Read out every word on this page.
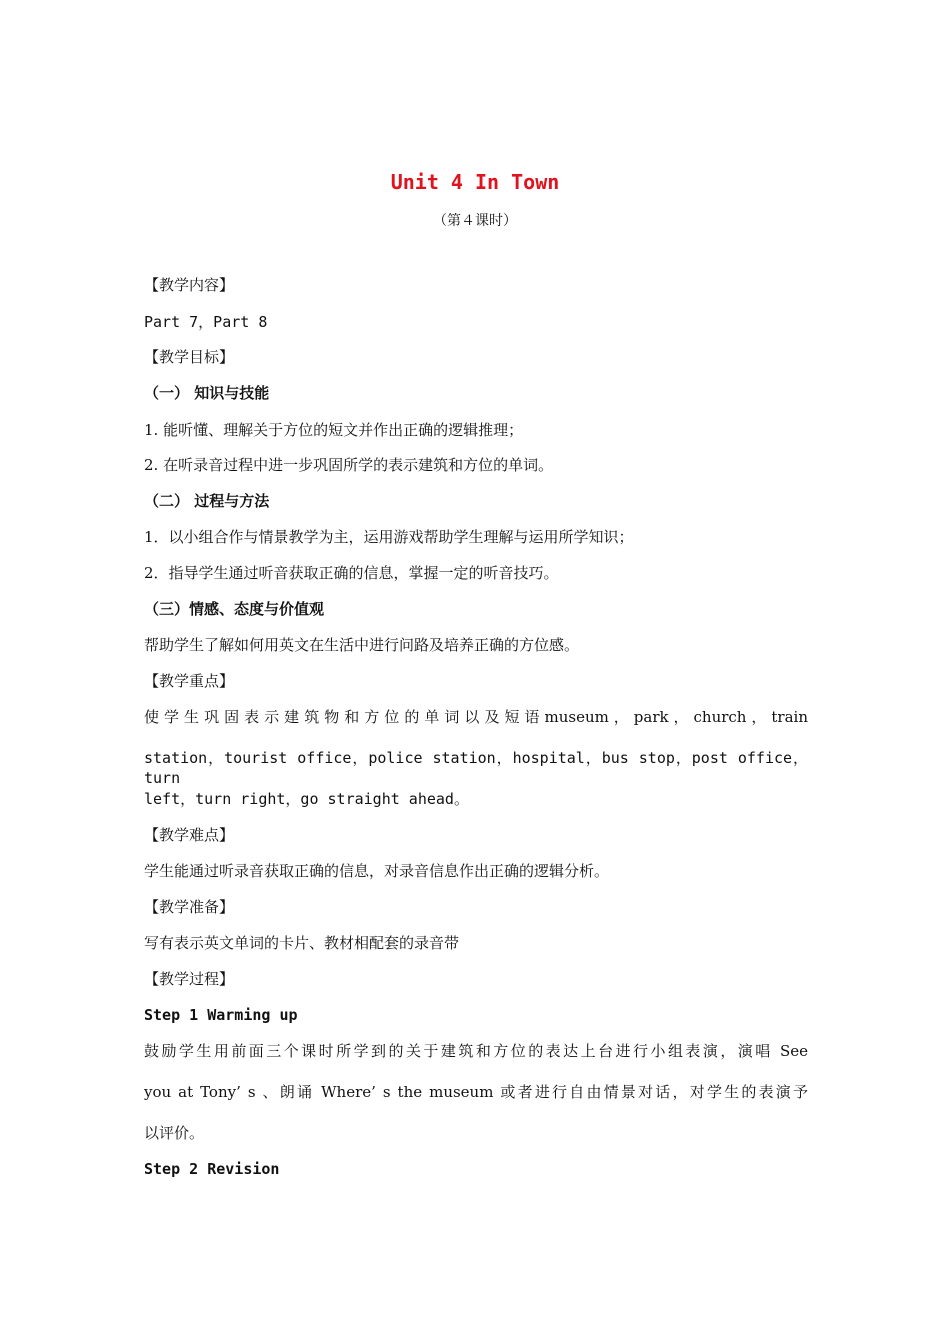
Unit 4 In Town
（第４课时）
【教学内容】
Part 7，Part 8
【教学目标】
（一） 知识与技能
1. 能听懂、理解关于方位的短文并作出正确的逻辑推理；
2. 在听录音过程中进一步巩固所学的表示建筑和方位的单词。
（二） 过程与方法
1．以小组合作与情景教学为主，运用游戏帮助学生理解与运用所学知识；
2．指导学生通过听音获取正确的信息，掌握一定的听音技巧。
（三）情感、态度与价值观
帮助学生了解如何用英文在生活中进行问路及培养正确的方位感。
【教学重点】
使 学 生 巩 固 表 示 建 筑 物 和 方 位 的 单 词 以 及 短 语 museum ， park ， church ， train
station，tourist office，police station，hospital，bus stop，post office，turn
left，turn right，go straight ahead。
【教学难点】
学生能通过听录音获取正确的信息，对录音信息作出正确的逻辑分析。
【教学准备】
写有表示英文单词的卡片、教材相配套的录音带
【教学过程】
Step 1 Warming up
鼓励学生用前面三个课时所学到的关于建筑和方位的表达上台进行小组表演，演唱 See
you at Tony’ s 、朗诵 Where’ s the museum 或者进行自由情景对话，对学生的表演予
以评价。
Step 2 Revision
